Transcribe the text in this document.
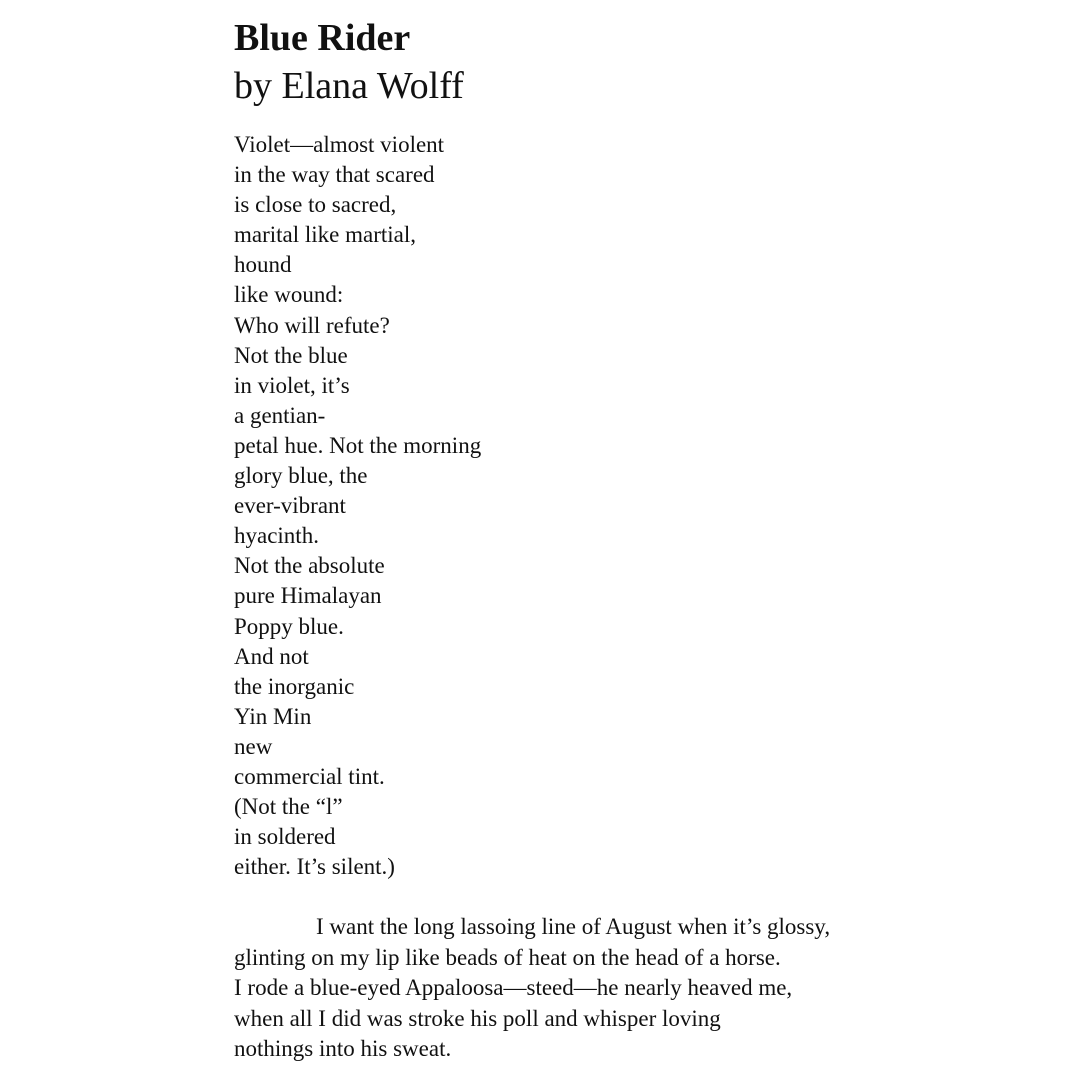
Blue Rider
by Elana Wolff
Violet—almost violent
in the way that scared
is close to sacred,
marital like martial,
hound
like wound:
Who will refute?
Not the blue
in violet, it’s
a gentian-
petal hue. Not the morning
glory blue, the
ever-vibrant
hyacinth.
Not the absolute
pure Himalayan
Poppy blue.
And not
the inorganic
Yin Min
new
commercial tint.
(Not the “l”
in soldered
either. It’s silent.)
I want the long lassoing line of August when it’s glossy,
glinting on my lip like beads of heat on the head of a horse.
I rode a blue-eyed Appaloosa—steed—he nearly heaved me,
when all I did was stroke his poll and whisper loving
nothings into his sweat.
